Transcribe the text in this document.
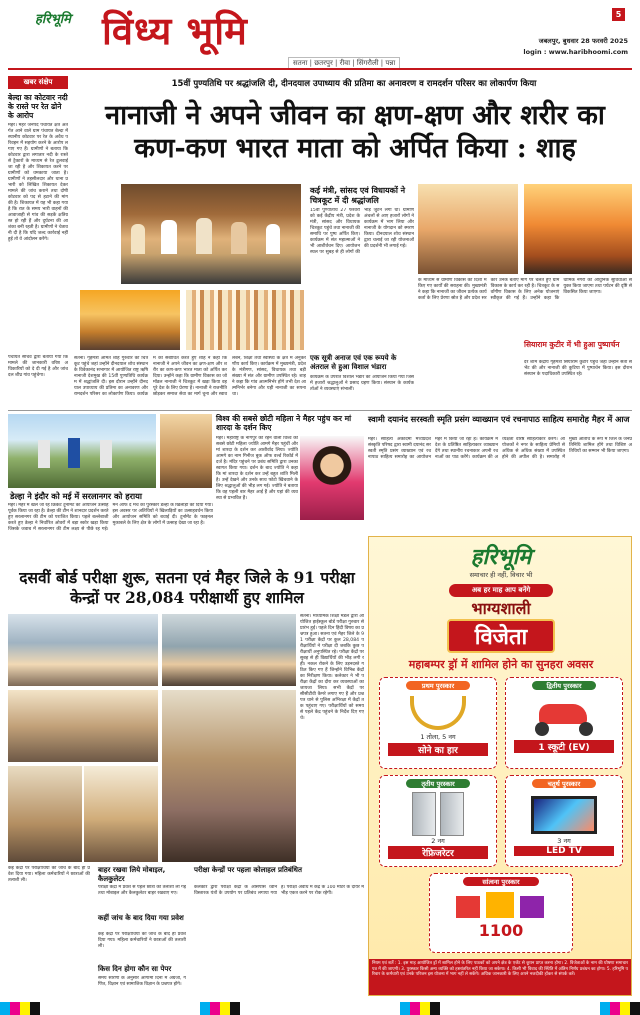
हरिभूमि विंध्य भूमि	5
जबलपुर, बुधवार 28 फरवरी 2025
login : www.haribhoomi.com
सतना | छतरपुर | रीवा | सिंगरौली | पन्ना
खबर संक्षेप
बेल्दा का कोटवार नदी के रास्ते पर रेत ढोने के आरोप
मैहर। मैहर जनपद पंचायत क्षेत्र अंतर्गत आने वाले ग्राम पंचायत बेल्दा में स्थानीय कोटवार पर रेत के अवैध परिवहन में सहयोग करने के आरोप लगाए गए हैं। ग्रामीणों ने बताया कि कोटवार द्वारा लगातार नदी के रास्ते से ट्रैक्टरों के माध्यम से रेत ढुलवाई जा रही है और शिकायत करने पर ग्रामीणों को धमकाया जाता है। ग्रामीणों ने तहसीलदार और थाना प्रभारी को लिखित शिकायत देकर मामले की जांच कराने तथा दोषी कोटवार को पद से हटाने की मांग की है। शिकायत में यह भी कहा गया है कि रात के समय भारी वाहनों की आवाजाही से गांव की सड़कें क्षतिग्रस्त हो रही हैं और दुर्घटना की आशंका बनी रहती है। ग्रामीणों ने चेतावनी दी है कि यदि जल्द कार्रवाई नहीं हुई तो वे आंदोलन करेंगे।
पंचायत सचिव द्वारा बताया गया कि मामले की जानकारी वरिष्ठ अधिकारियों को दे दी गई है और जांच दल शीघ्र गांव पहुंचेगा।
15वीं पुण्यतिथि पर श्रद्धांजलि दी, दीनदयाल उपाध्याय की प्रतिमा का अनावरण व रामदर्शन परिसर का लोकार्पण किया
नानाजी ने अपने जीवन का क्षण-क्षण और शरीर का कण-कण भारत माता को अर्पित किया : शाह
सतना। गृहमंत्री अमित शाह गुरुवार को चित्रकूट पहुंचे जहां उन्होंने दीनदयाल शोध संस्थान के विवेकानंद सभागार में आयोजित राष्ट्र ऋषि नानाजी देशमुख की 15वीं पुण्यतिथि कार्यक्रम में श्रद्धांजलि दी। इस दौरान उन्होंने दीनदयाल उपाध्याय की प्रतिमा का अनावरण और रामदर्शन परिसर का लोकार्पण किया। कार्यक्रम को संबोधित करते हुए शाह ने कहा कि नानाजी ने अपने जीवन का क्षण-क्षण और शरीर का कण-कण भारत माता को अर्पित कर दिया। उन्होंने कहा कि ग्रामीण विकास का जो मॉडल नानाजी ने चित्रकूट में खड़ा किया वह पूरे देश के लिए प्रेरणा है। नानाजी ने राजनीति छोड़कर समाज सेवा का मार्ग चुना और स्वावलंबन, शिक्षा तथा स्वास्थ्य के क्षेत्र में अनुकरणीय कार्य किए। कार्यक्रम में मुख्यमंत्री, प्रदेश के मंत्रीगण, सांसद, विधायक तथा बड़ी संख्या में संत और ग्रामीण उपस्थित रहे। शाह ने कहा कि गांव आत्मनिर्भर होंगे तभी देश आत्मनिर्भर बनेगा और यही नानाजी का सपना था।
कई मंत्री, सांसद एवं विधायकों ने चित्रकूट में दी श्रद्धांजलि
15वीं पुण्यतिथि 27 फरवरी को कई केंद्रीय मंत्री, प्रदेश के मंत्री, सांसद और विधायक चित्रकूट पहुंचे तथा नानाजी की समाधि पर पुष्प अर्पित किए। कार्यक्रम में संत महात्माओं ने भी आशीर्वचन दिए। आयोजन स्थल पर सुबह से ही लोगों की भीड़ जुटने लगी थी। ग्रामीण अंचलों से आए हजारों लोगों ने कार्यक्रम में भाग लिया और नानाजी के योगदान को स्मरण किया। दीनदयाल शोध संस्थान द्वारा चलाई जा रही योजनाओं की प्रदर्शनी भी लगाई गई।
एक सूत्री अनाज एवं एक रूपये के अंतराल से हुआ विशाल भंडारा
कार्यक्रम के उपरांत विशाल भंडारे का आयोजन किया गया जिसमें हजारों श्रद्धालुओं ने प्रसाद ग्रहण किया। संस्थान के कार्यकर्ताओं ने व्यवस्थाएं संभालीं।
के माध्यम से ग्रामीण विकास की दिशा में किए गए कार्यों की सराहना की। मुख्यमंत्री ने कहा कि नानाजी का जीवन प्रत्येक कार्यकर्ता के लिए प्रेरणा स्रोत है और प्रदेश सरकार उनके बताए मार्ग पर चलते हुए ग्राम विकास के कार्य कर रही है। चित्रकूट के सर्वांगीण विकास के लिए अनेक योजनाएं स्वीकृत की गई हैं। उन्होंने कहा कि धार्मिक नगरी को आधुनिक सुविधाओं से युक्त किया जाएगा तथा पर्यटन की दृष्टि से विकसित किया जाएगा।
सियाराम कुटीर में भी हुआ पुष्पार्चन
देर शाम केंद्रीय गृहमंत्री सियाराम कुटीर पहुंचे जहां उन्होंने संतों से भेंट की और नानाजी की कुटिया में पुष्पार्चन किया। इस दौरान संस्थान के पदाधिकारी उपस्थित रहे।
डेल्हा ने इंदौर को मई में सरलानगर को हराया
मैहर। मैहर में खेले जा रहे क्रिकेट टूर्नामेंट का आयोजन उत्साहपूर्वक किया जा रहा है। डेल्हा की टीम ने शानदार प्रदर्शन करते हुए सरलानगर की टीम को पराजित किया। पहले बल्लेबाजी करते हुए डेल्हा ने निर्धारित ओवरों में बड़ा स्कोर खड़ा किया जिसके जवाब में सरलानगर की टीम लक्ष्य से पीछे रह गई। मैन ऑफ द मैच का पुरस्कार डेल्हा के खिलाड़ी को दिया गया। इस अवसर पर अतिथियों ने खिलाड़ियों का उत्साहवर्धन किया और आयोजन समिति को बधाई दी। टूर्नामेंट के फाइनल मुकाबले के लिए क्षेत्र के लोगों में उत्साह देखा जा रहा है।
विश्व की सबसे छोटी महिला ने मैहर पहुंच कर मां शारदा के दर्शन किए
मैहर। महाराष्ट्र के नागपुर की रहने वाली विश्व की सबसे छोटी महिला ज्योति आमगे मैहर पहुंचीं और मां शारदा के दर्शन कर आशीर्वाद लिया। ज्योति आमगे का नाम गिनीज बुक ऑफ वर्ल्ड रिकॉर्ड में दर्ज है। मंदिर पहुंचने पर प्रबंध समिति द्वारा उनका स्वागत किया गया। दर्शन के बाद ज्योति ने कहा कि मां शारदा के दर्शन कर उन्हें बहुत शांति मिली है। उन्हें देखने और उनके साथ फोटो खिंचवाने के लिए श्रद्धालुओं की भीड़ लग गई। ज्योति ने बताया कि वह पहली बार मैहर आई हैं और यहां की व्यवस्था से प्रभावित हैं।
स्वामी दयानंद सरस्वती स्मृति प्रसंग व्याख्यान एवं रचनापाठ साहित्य समारोह मैहर में आज
मैहर। साहित्य अकादमी मध्यप्रदेश संस्कृति परिषद द्वारा स्वामी दयानंद सरस्वती स्मृति प्रसंग व्याख्यान एवं रचनापाठ साहित्य समारोह का आयोजन मैहर में किया जा रहा है। कार्यक्रम में देश के प्रतिष्ठित साहित्यकार व्याख्यान देंगे तथा स्थानीय रचनाकार अपनी रचनाओं का पाठ करेंगे। कार्यक्रम की अध्यक्षता वरिष्ठ साहित्यकार करेंगे। आयोजकों ने नगर के साहित्य प्रेमियों से अधिक से अधिक संख्या में उपस्थित होने की अपील की है। समारोह में मुख्य अतिथि के रूप में जिले के जनप्रतिनिधि शामिल होंगे तथा विशिष्ट अतिथियों का सम्मान भी किया जाएगा।
हरिभूमि
समाचार ही नहीं, विचार भी
अब हर माह आप बनेंगे
भाग्यशाली
विजेता
महाबम्पर ड्रॉ में शामिल होने का सुनहरा अवसर
प्रथम पुरस्कार
1 तोला, 5 नग
सोने का हार
द्वितीय पुरस्कार
1 स्कूटी (EV)
तृतीय पुरस्कार
2 नग
रेफ्रिजरेटर
चतुर्थ पुरस्कार
3 नग
LED TV
सांत्वना पुरस्कार
1100
नियम एवं शर्तें : 1. इस माह आयोजित ड्रॉ में शामिल होने के लिए पाठकों को अपने क्षेत्र के एजेंट से कूपन प्राप्त करना होगा। 2. विजेताओं के नाम की घोषणा समाचार पत्र में की जाएगी। 3. पुरस्कार किसी अन्य व्यक्ति को हस्तांतरित नहीं किया जा सकेगा। 4. किसी भी विवाद की स्थिति में अंतिम निर्णय प्रबंधन का होगा। 5. हरिभूमि परिवार के कर्मचारी एवं उनके परिजन इस योजना में भाग नहीं ले सकेंगे। अधिक जानकारी के लिए अपने नजदीकी हॉकर से संपर्क करें।
दसवीं बोर्ड परीक्षा शुरू, सतना एवं मैहर जिले के 91 परीक्षा केन्द्रों पर 28,084 परीक्षार्थी हुए शामिल
सतना। माध्यमिक शिक्षा मंडल द्वारा आयोजित हाईस्कूल बोर्ड परीक्षा गुरुवार से प्रारंभ हुई। पहले दिन हिंदी विषय का प्रश्नपत्र हुआ। सतना एवं मैहर जिले के 91 परीक्षा केंद्रों पर कुल 28,084 परीक्षार्थियों ने परीक्षा दी जबकि कुछ परीक्षार्थी अनुपस्थित रहे। परीक्षा केंद्रों पर सुबह से ही विद्यार्थियों की भीड़ लगी रही। नकल रोकने के लिए उड़नदस्ते गठित किए गए हैं जिन्होंने विभिन्न केंद्रों का निरीक्षण किया। कलेक्टर ने भी परीक्षा केंद्रों का दौरा कर व्यवस्थाओं का जायजा लिया। सभी केंद्रों पर सीसीटीवी कैमरे लगाए गए हैं और प्रश्नपत्र थाने से पुलिस अभिरक्षा में केंद्रों तक पहुंचाए गए। परीक्षार्थियों को समय से पहले केंद्र पहुंचने के निर्देश दिए गए थे।
कई केंद्रों पर परीक्षार्थियों को जांच के बाद ही प्रवेश दिया गया। महिला कर्मचारियों ने छात्राओं की तलाशी ली।
बाहर रखवा लिये मोबाइल, कैलकुलेटर
परीक्षा केंद्रों में प्रवेश से पहले छात्रों की तलाशी ली गई तथा मोबाइल और कैलकुलेटर बाहर रखवाए गए।
कहीं जांच के बाद दिया गया प्रवेश
कई केंद्रों पर परीक्षार्थियों को जांच के बाद ही प्रवेश दिया गया। महिला कर्मचारियों ने छात्राओं की तलाशी ली।
किस दिन होगा कौन सा पेपर
समय सारणी के अनुसार आगामी दिनों में अंग्रेजी, गणित, विज्ञान एवं सामाजिक विज्ञान के प्रश्नपत्र होंगे।
परीक्षा केन्द्रों पर पहला कोलाहल प्रतिबंधित
कलेक्टर द्वारा परीक्षा केंद्रों के आसपास ध्वनि विस्तारक यंत्रों के उपयोग पर प्रतिबंध लगाया गया है। परीक्षा अवधि में केंद्र के 100 मीटर के दायरे में भीड़ एकत्र करने पर रोक रहेगी।
